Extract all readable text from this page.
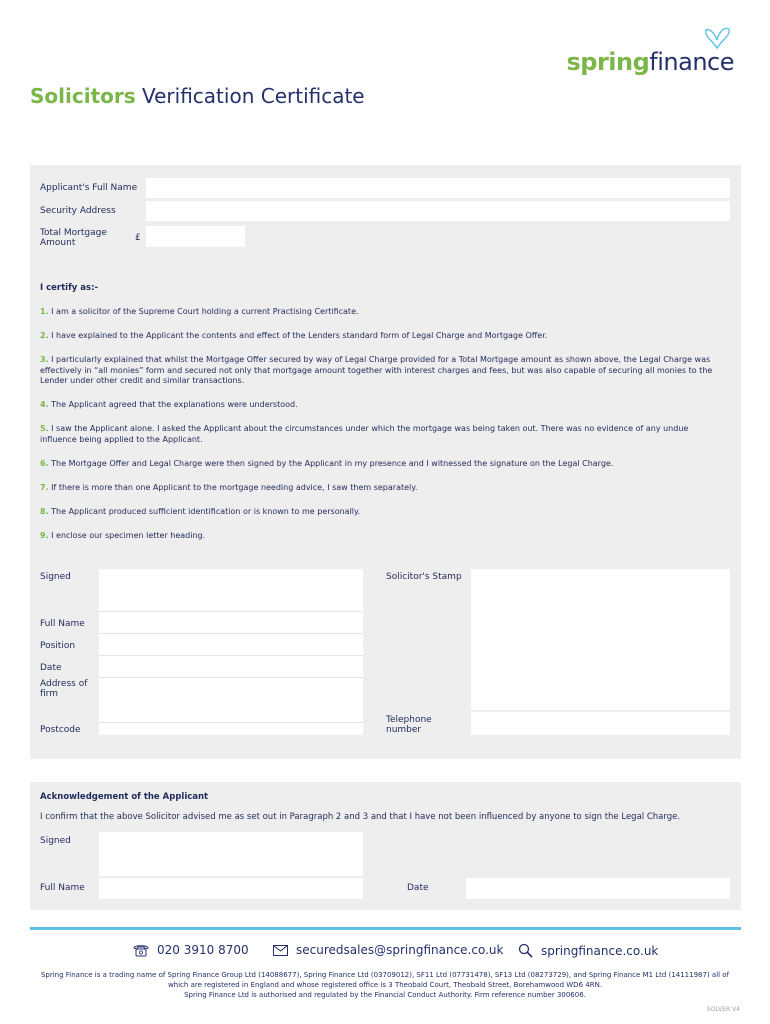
springfinance
Solicitors Verification Certificate
Applicant's Full Name
Security Address
Total Mortgage Amount	£
I certify as:-
1. I am a solicitor of the Supreme Court holding a current Practising Certificate.
2. I have explained to the Applicant the contents and effect of the Lenders standard form of Legal Charge and Mortgage Offer.
3. I particularly explained that whilst the Mortgage Offer secured by way of Legal Charge provided for a Total Mortgage amount as shown above, the Legal Charge was effectively in “all monies” form and secured not only that mortgage amount together with interest charges and fees, but was also capable of securing all monies to the Lender under other credit and similar transactions.
4. The Applicant agreed that the explanations were understood.
5. I saw the Applicant alone. I asked the Applicant about the circumstances under which the mortgage was being taken out. There was no evidence of any undue influence being applied to the Applicant.
6. The Mortgage Offer and Legal Charge were then signed by the Applicant in my presence and I witnessed the signature on the Legal Charge.
7. If there is more than one Applicant to the mortgage needing advice, I saw them separately.
8. The Applicant produced sufficient identification or is known to me personally.
9. I enclose our specimen letter heading.
Signed
Full Name
Position
Date
Address of firm
Postcode
Solicitor's Stamp
Telephone number
Acknowledgement of the Applicant
I confirm that the above Solicitor advised me as set out in Paragraph 2 and 3 and that I have not been influenced by anyone to sign the Legal Charge.
Signed
Full Name	Date
020 3910 8700	securedsales@springfinance.co.uk	springfinance.co.uk
Spring Finance is a trading name of Spring Finance Group Ltd (14088677), Spring Finance Ltd (03709012), SF11 Ltd (07731478), SF13 Ltd (08273729), and Spring Finance M1 Ltd (14111987) all of which are registered in England and whose registered office is 3 Theobald Court, Theobald Street, Borehamwood WD6 4RN.
Spring Finance Ltd is authorised and regulated by the Financial Conduct Authority. Firm reference number 300606.
SOLVER V4
